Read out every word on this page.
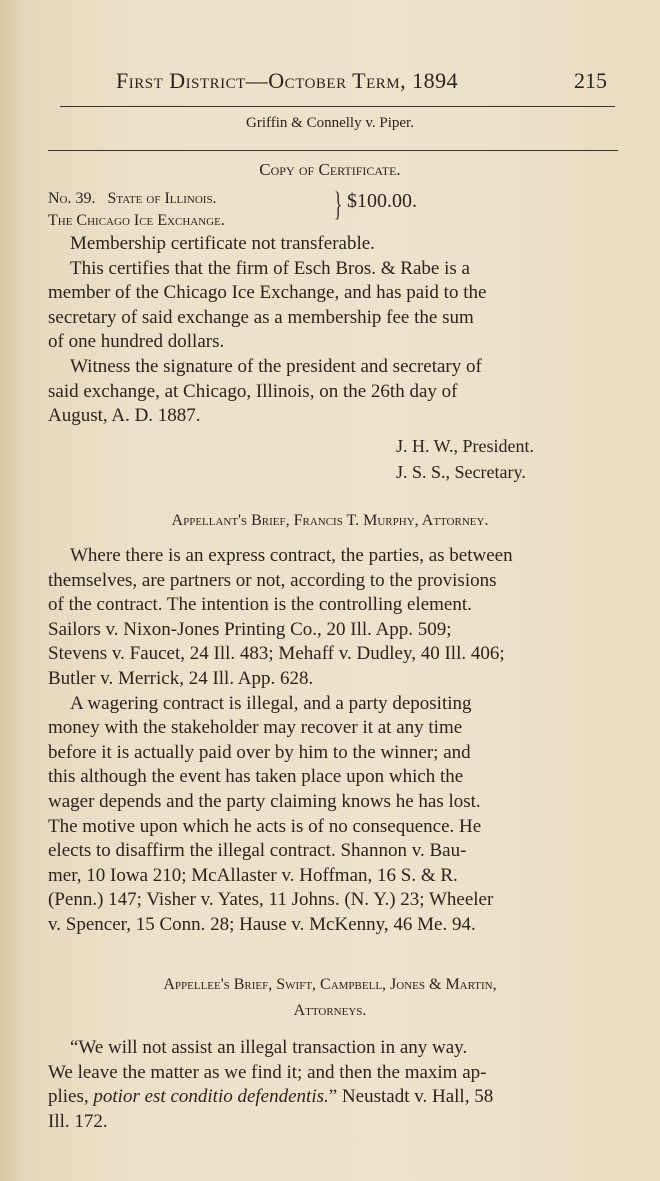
First District—October Term, 1894	215
Griffin & Connelly v. Piper.
Copy of Certificate.
No. 39. State of Illinois.
The Chicago Ice Exchange.	} $100.00.
Membership certificate not transferable.
This certifies that the firm of Esch Bros. & Rabe is a
member of the Chicago Ice Exchange, and has paid to the
secretary of said exchange as a membership fee the sum
of one hundred dollars.
Witness the signature of the president and secretary of
said exchange, at Chicago, Illinois, on the 26th day of
August, A. D. 1887.
J. H. W., President.
J. S. S., Secretary.
Appellant's Brief, Francis T. Murphy, Attorney.
Where there is an express contract, the parties, as between
themselves, are partners or not, according to the provisions
of the contract. The intention is the controlling element.
Sailors v. Nixon-Jones Printing Co., 20 Ill. App. 509;
Stevens v. Faucet, 24 Ill. 483; Mehaff v. Dudley, 40 Ill. 406;
Butler v. Merrick, 24 Ill. App. 628.
A wagering contract is illegal, and a party depositing
money with the stakeholder may recover it at any time
before it is actually paid over by him to the winner; and
this although the event has taken place upon which the
wager depends and the party claiming knows he has lost.
The motive upon which he acts is of no consequence. He
elects to disaffirm the illegal contract. Shannon v. Bau-
mer, 10 Iowa 210; McAllaster v. Hoffman, 16 S. & R.
(Penn.) 147; Visher v. Yates, 11 Johns. (N. Y.) 23; Wheeler
v. Spencer, 15 Conn. 28; Hause v. McKenny, 46 Me. 94.
Appellee's Brief, Swift, Campbell, Jones & Martin,
Attorneys.
“We will not assist an illegal transaction in any way.
We leave the matter as we find it; and then the maxim ap-
plies, potior est conditio defendentis.” Neustadt v. Hall, 58
Ill. 172.
